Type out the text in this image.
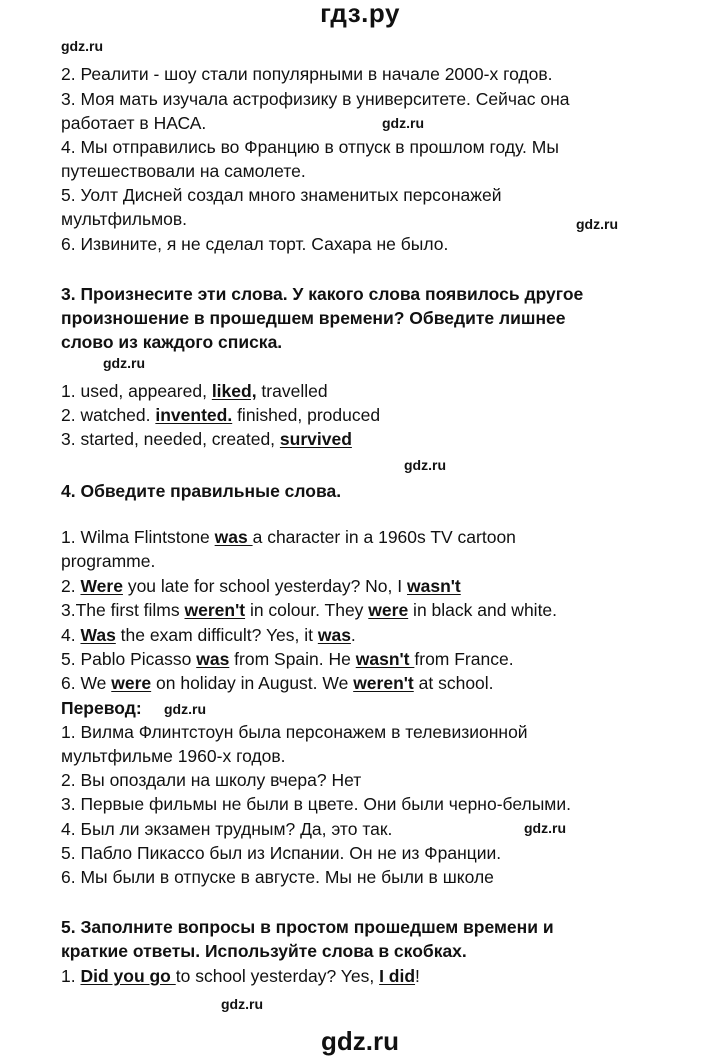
гдз.ру
gdz.ru
gdz.ru
gdz.ru
gdz.ru
gdz.ru
gdz.ru
gdz.ru
gdz.ru
2. Реалити - шоу стали популярными в начале 2000-х годов.
3. Моя мать изучала астрофизику в университете. Сейчас она
работает в НАСА.
4. Мы отправились во Францию в отпуск в прошлом году. Мы
путешествовали на самолете.
5. Уолт Дисней создал много знаменитых персонажей
мультфильмов.
6. Извините, я не сделал торт. Сахара не было.
3. Произнесите эти слова. У какого слова появилось другое
произношение в прошедшем времени? Обведите лишнее
слово из каждого списка.
1. used, appeared, liked, travelled
2. watched. invented. finished, produced
3. started, needed, created, survived
4. Обведите правильные слова.
1. Wilma Flintstone was a character in a 1960s TV cartoon
programme.
2. Were you late for school yesterday? No, I wasn't
3.The first films weren't in colour. They were in black and white.
4. Was the exam difficult? Yes, it was.
5. Pablo Picasso was from Spain. He wasn't from France.
6. We were on holiday in August. We weren't at school.
Перевод:
1. Вилма Флинтстоун была персонажем в телевизионной
мультфильме 1960-х годов.
2. Вы опоздали на школу вчера? Нет
3. Первые фильмы не были в цвете. Они были черно-белыми.
4. Был ли экзамен трудным? Да, это так.
5. Пабло Пикассо был из Испании. Он не из Франции.
6. Мы были в отпуске в августе. Мы не были в школе
5. Заполните вопросы в простом прошедшем времени и
краткие ответы. Используйте слова в скобках.
1. Did you go to school yesterday? Yes, I did!
gdz.ru
